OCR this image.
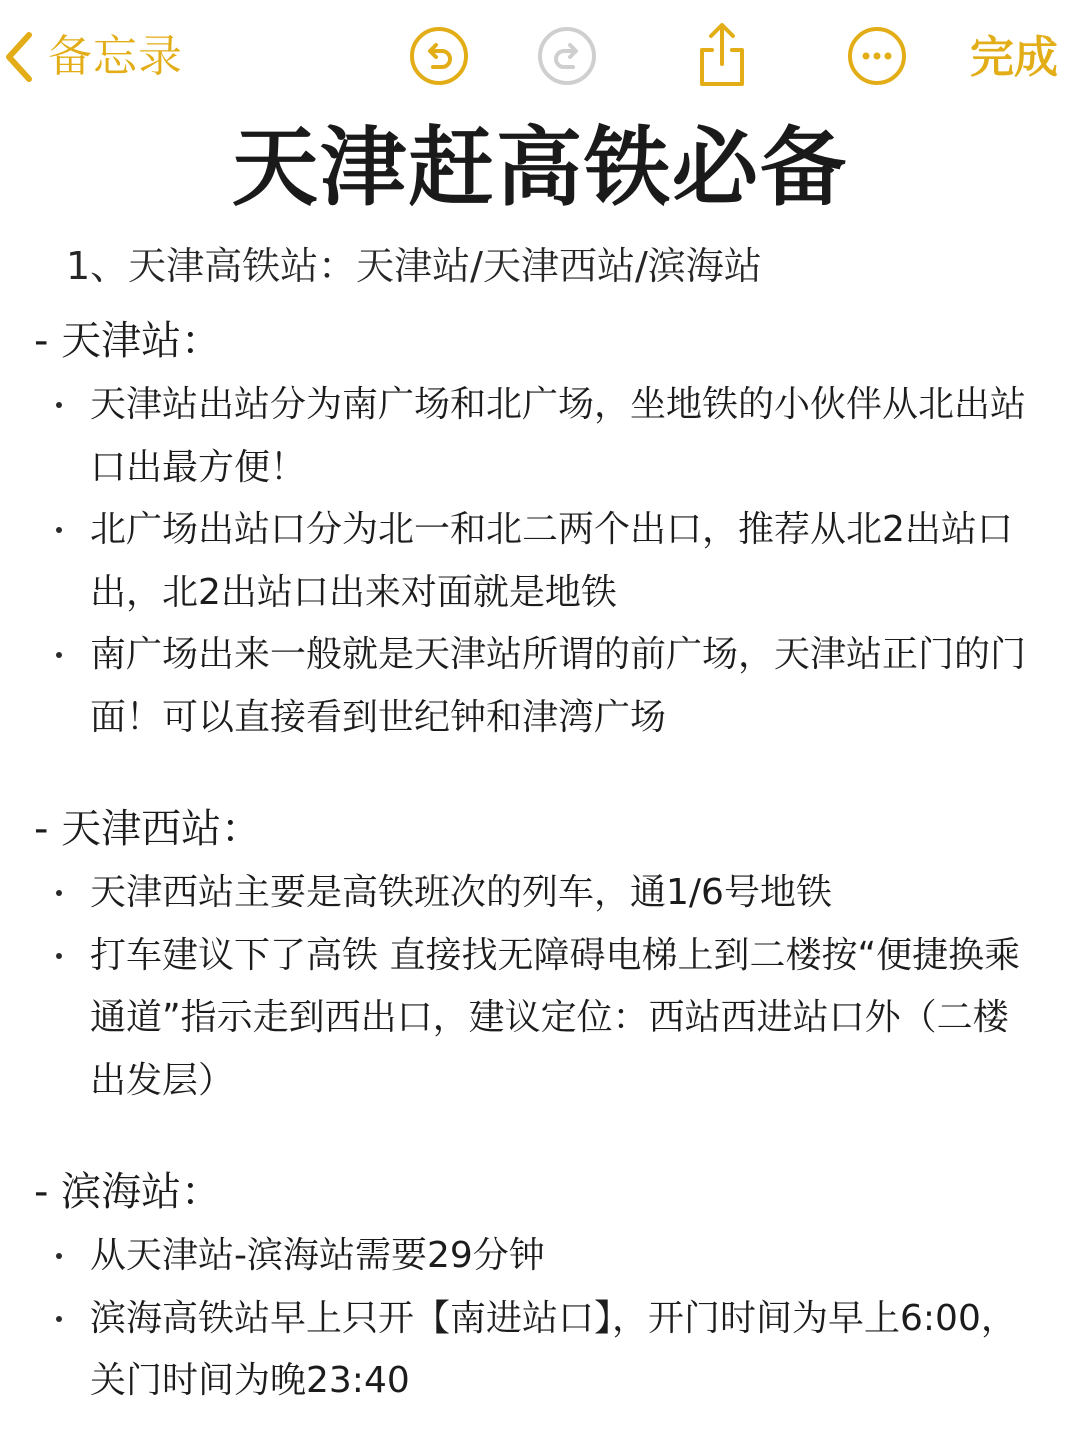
备忘录	完成
天津赶高铁必备
1、天津高铁站：天津站/天津西站/滨海站
- 天津站：
天津站出站分为南广场和北广场，坐地铁的小伙伴从北出站口出最方便！
北广场出站口分为北一和北二两个出口，推荐从北2出站口出，北2出站口出来对面就是地铁
南广场出来一般就是天津站所谓的前广场，天津站正门的门面！可以直接看到世纪钟和津湾广场
- 天津西站：
天津西站主要是高铁班次的列车，通1/6号地铁
打车建议下了高铁 直接找无障碍电梯上到二楼按“便捷换乘通道”指示走到西出口，建议定位：西站西进站口外（二楼出发层）
- 滨海站：
从天津站-滨海站需要29分钟
滨海高铁站早上只开【南进站口】，开门时间为早上6:00，关门时间为晚23:40
